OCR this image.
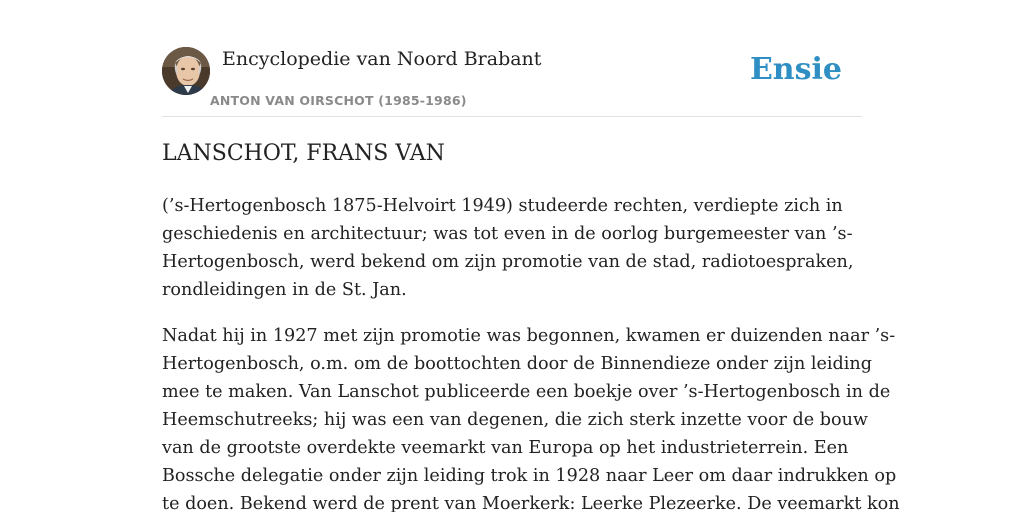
Encyclopedie van Noord Brabant
ANTON VAN OIRSCHOT (1985-1986)
Ensie
LANSCHOT, FRANS VAN

(’s-Hertogenbosch 1875-Helvoirt 1949) studeerde rechten, verdiepte zich in
geschiedenis en architectuur; was tot even in de oorlog burgemeester van ’s-
Hertogenbosch, werd bekend om zijn promotie van de stad, radiotoespraken,
rondleidingen in de St. Jan.

Nadat hij in 1927 met zijn promotie was begonnen, kwamen er duizenden naar ’s-
Hertogenbosch, o.m. om de boottochten door de Binnendieze onder zijn leiding
mee te maken. Van Lanschot publiceerde een boekje over ’s-Hertogenbosch in de
Heemschutreeks; hij was een van degenen, die zich sterk inzette voor de bouw
van de grootste overdekte veemarkt van Europa op het industrieterrein. Een
Bossche delegatie onder zijn leiding trok in 1928 naar Leer om daar indrukken op
te doen. Bekend werd de prent van Moerkerk: Leerke Plezeerke. De veemarkt kon
